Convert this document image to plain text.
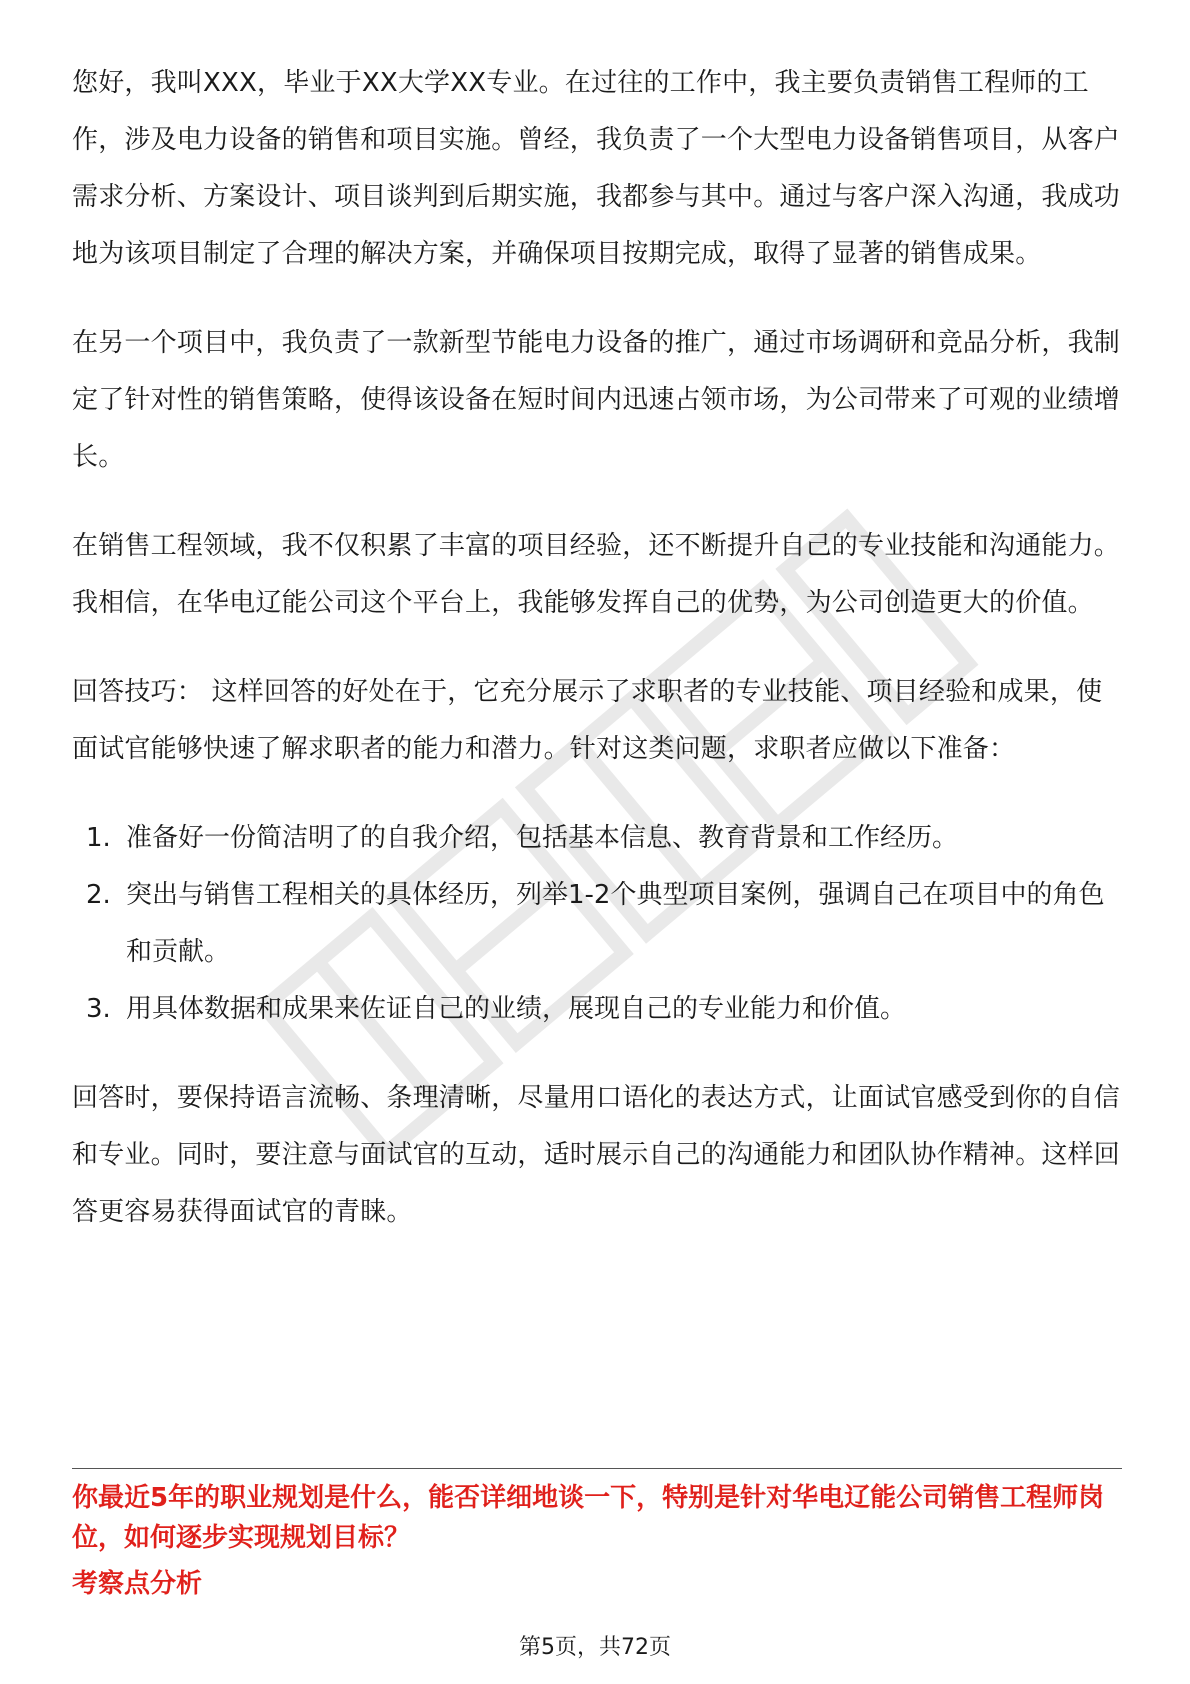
您好，我叫XXX，毕业于XX大学XX专业。在过往的工作中，我主要负责销售工程师的工作，涉及电力设备的销售和项目实施。曾经，我负责了一个大型电力设备销售项目，从客户需求分析、方案设计、项目谈判到后期实施，我都参与其中。通过与客户深入沟通，我成功地为该项目制定了合理的解决方案，并确保项目按期完成，取得了显著的销售成果。

在另一个项目中，我负责了一款新型节能电力设备的推广，通过市场调研和竞品分析，我制定了针对性的销售策略，使得该设备在短时间内迅速占领市场，为公司带来了可观的业绩增长。

在销售工程领域，我不仅积累了丰富的项目经验，还不断提升自己的专业技能和沟通能力。我相信，在华电辽能公司这个平台上，我能够发挥自己的优势，为公司创造更大的价值。

回答技巧： 这样回答的好处在于，它充分展示了求职者的专业技能、项目经验和成果，使面试官能够快速了解求职者的能力和潜力。针对这类问题，求职者应做以下准备：

1. 准备好一份简洁明了的自我介绍，包括基本信息、教育背景和工作经历。
2. 突出与销售工程相关的具体经历，列举1-2个典型项目案例，强调自己在项目中的角色和贡献。
3. 用具体数据和成果来佐证自己的业绩，展现自己的专业能力和价值。

回答时，要保持语言流畅、条理清晰，尽量用口语化的表达方式，让面试官感受到你的自信和专业。同时，要注意与面试官的互动，适时展示自己的沟通能力和团队协作精神。这样回答更容易获得面试官的青睐。

你最近5年的职业规划是什么，能否详细地谈一下，特别是针对华电辽能公司销售工程师岗位，如何逐步实现规划目标？

考察点分析

第5页，共72页
